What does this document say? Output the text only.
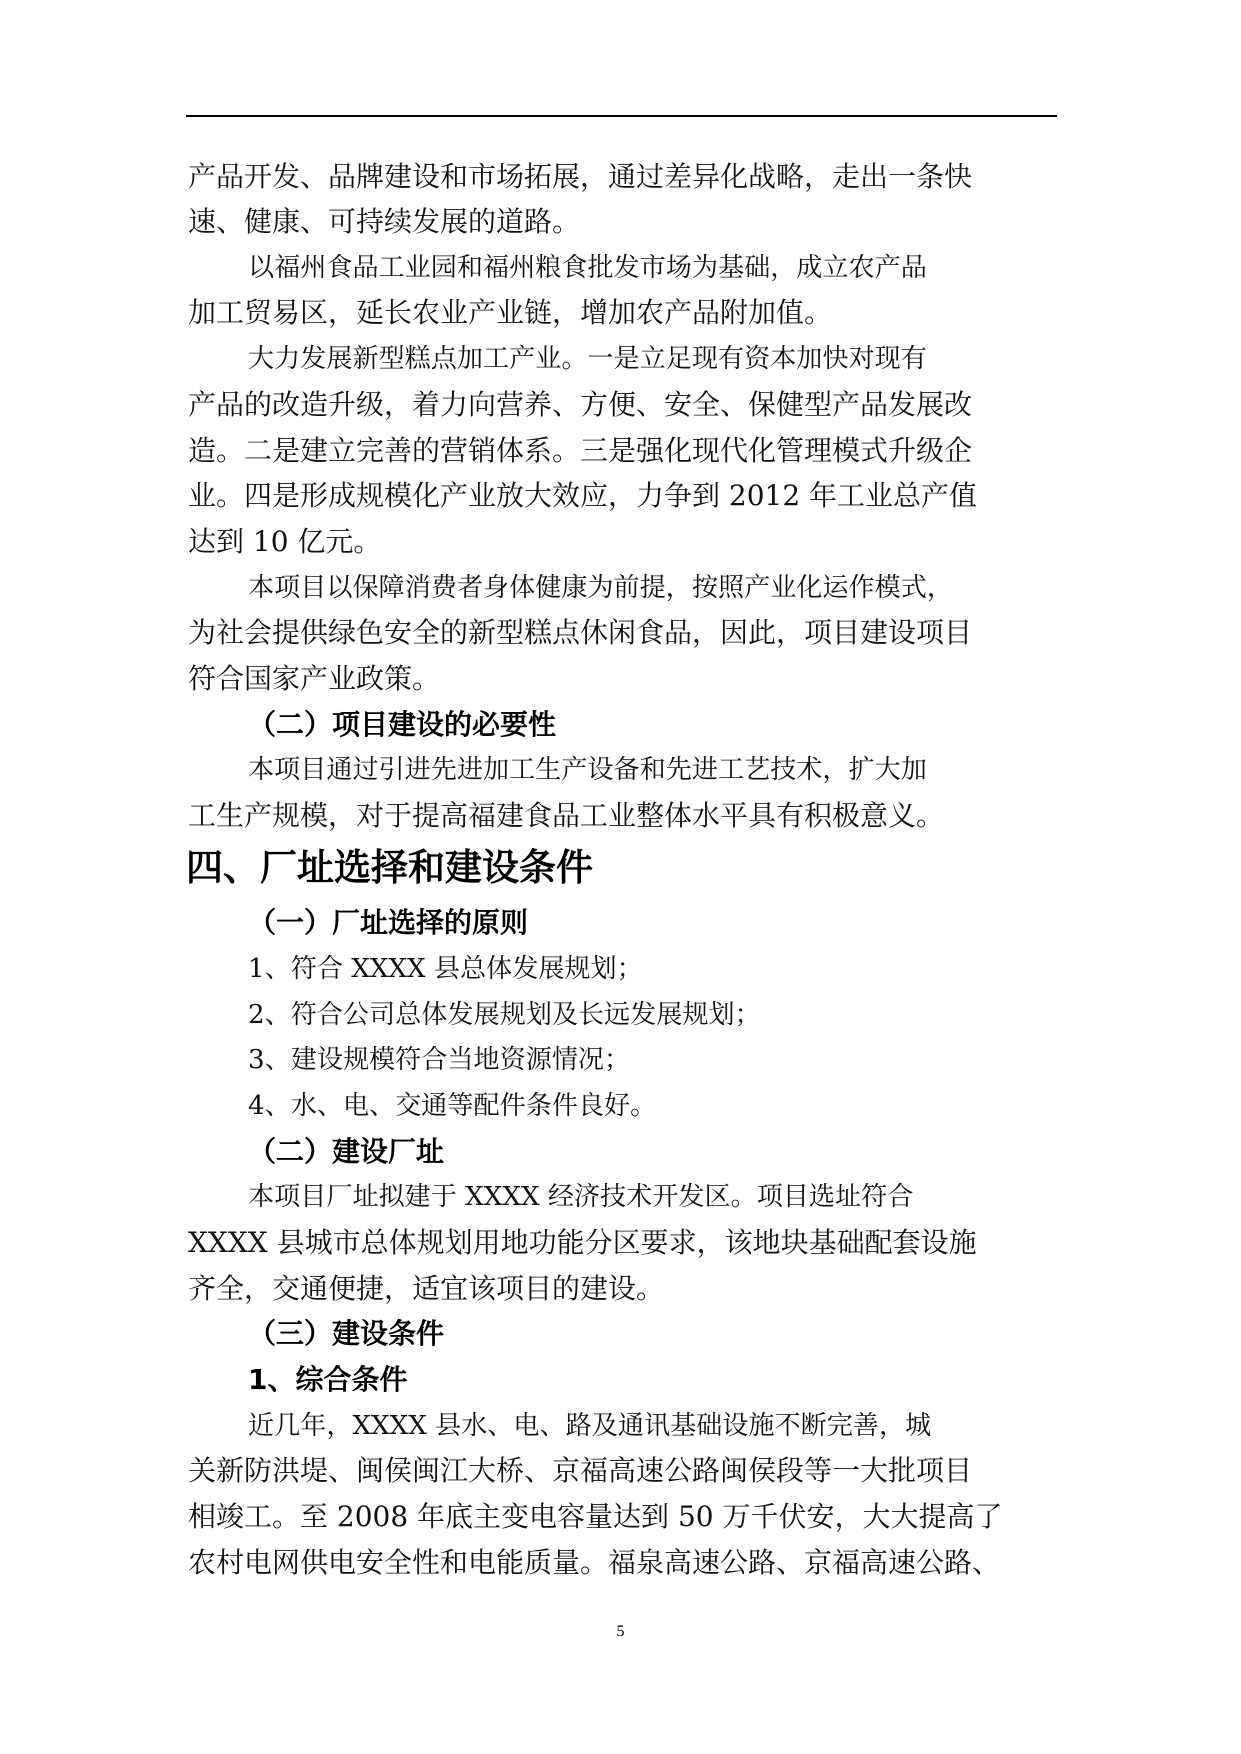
产品开发、品牌建设和市场拓展，通过差异化战略，走出一条快
速、健康、可持续发展的道路。
以福州食品工业园和福州粮食批发市场为基础，成立农产品
加工贸易区，延长农业产业链，增加农产品附加值。
大力发展新型糕点加工产业。一是立足现有资本加快对现有
产品的改造升级，着力向营养、方便、安全、保健型产品发展改
造。二是建立完善的营销体系。三是强化现代化管理模式升级企
业。四是形成规模化产业放大效应，力争到 2012 年工业总产值
达到 10 亿元。
本项目以保障消费者身体健康为前提，按照产业化运作模式，
为社会提供绿色安全的新型糕点休闲食品，因此，项目建设项目
符合国家产业政策。
（二）项目建设的必要性
本项目通过引进先进加工生产设备和先进工艺技术，扩大加
工生产规模，对于提高福建食品工业整体水平具有积极意义。
四、厂址选择和建设条件
（一）厂址选择的原则
1、符合 XXXX 县总体发展规划；
2、符合公司总体发展规划及长远发展规划；
3、建设规模符合当地资源情况；
4、水、电、交通等配件条件良好。
（二）建设厂址
本项目厂址拟建于 XXXX 经济技术开发区。项目选址符合
XXXX 县城市总体规划用地功能分区要求，该地块基础配套设施
齐全，交通便捷，适宜该项目的建设。
（三）建设条件
1、综合条件
近几年，XXXX 县水、电、路及通讯基础设施不断完善，城
关新防洪堤、闽侯闽江大桥、京福高速公路闽侯段等一大批项目
相竣工。至 2008 年底主变电容量达到 50 万千伏安，大大提高了
农村电网供电安全性和电能质量。福泉高速公路、京福高速公路、
5
